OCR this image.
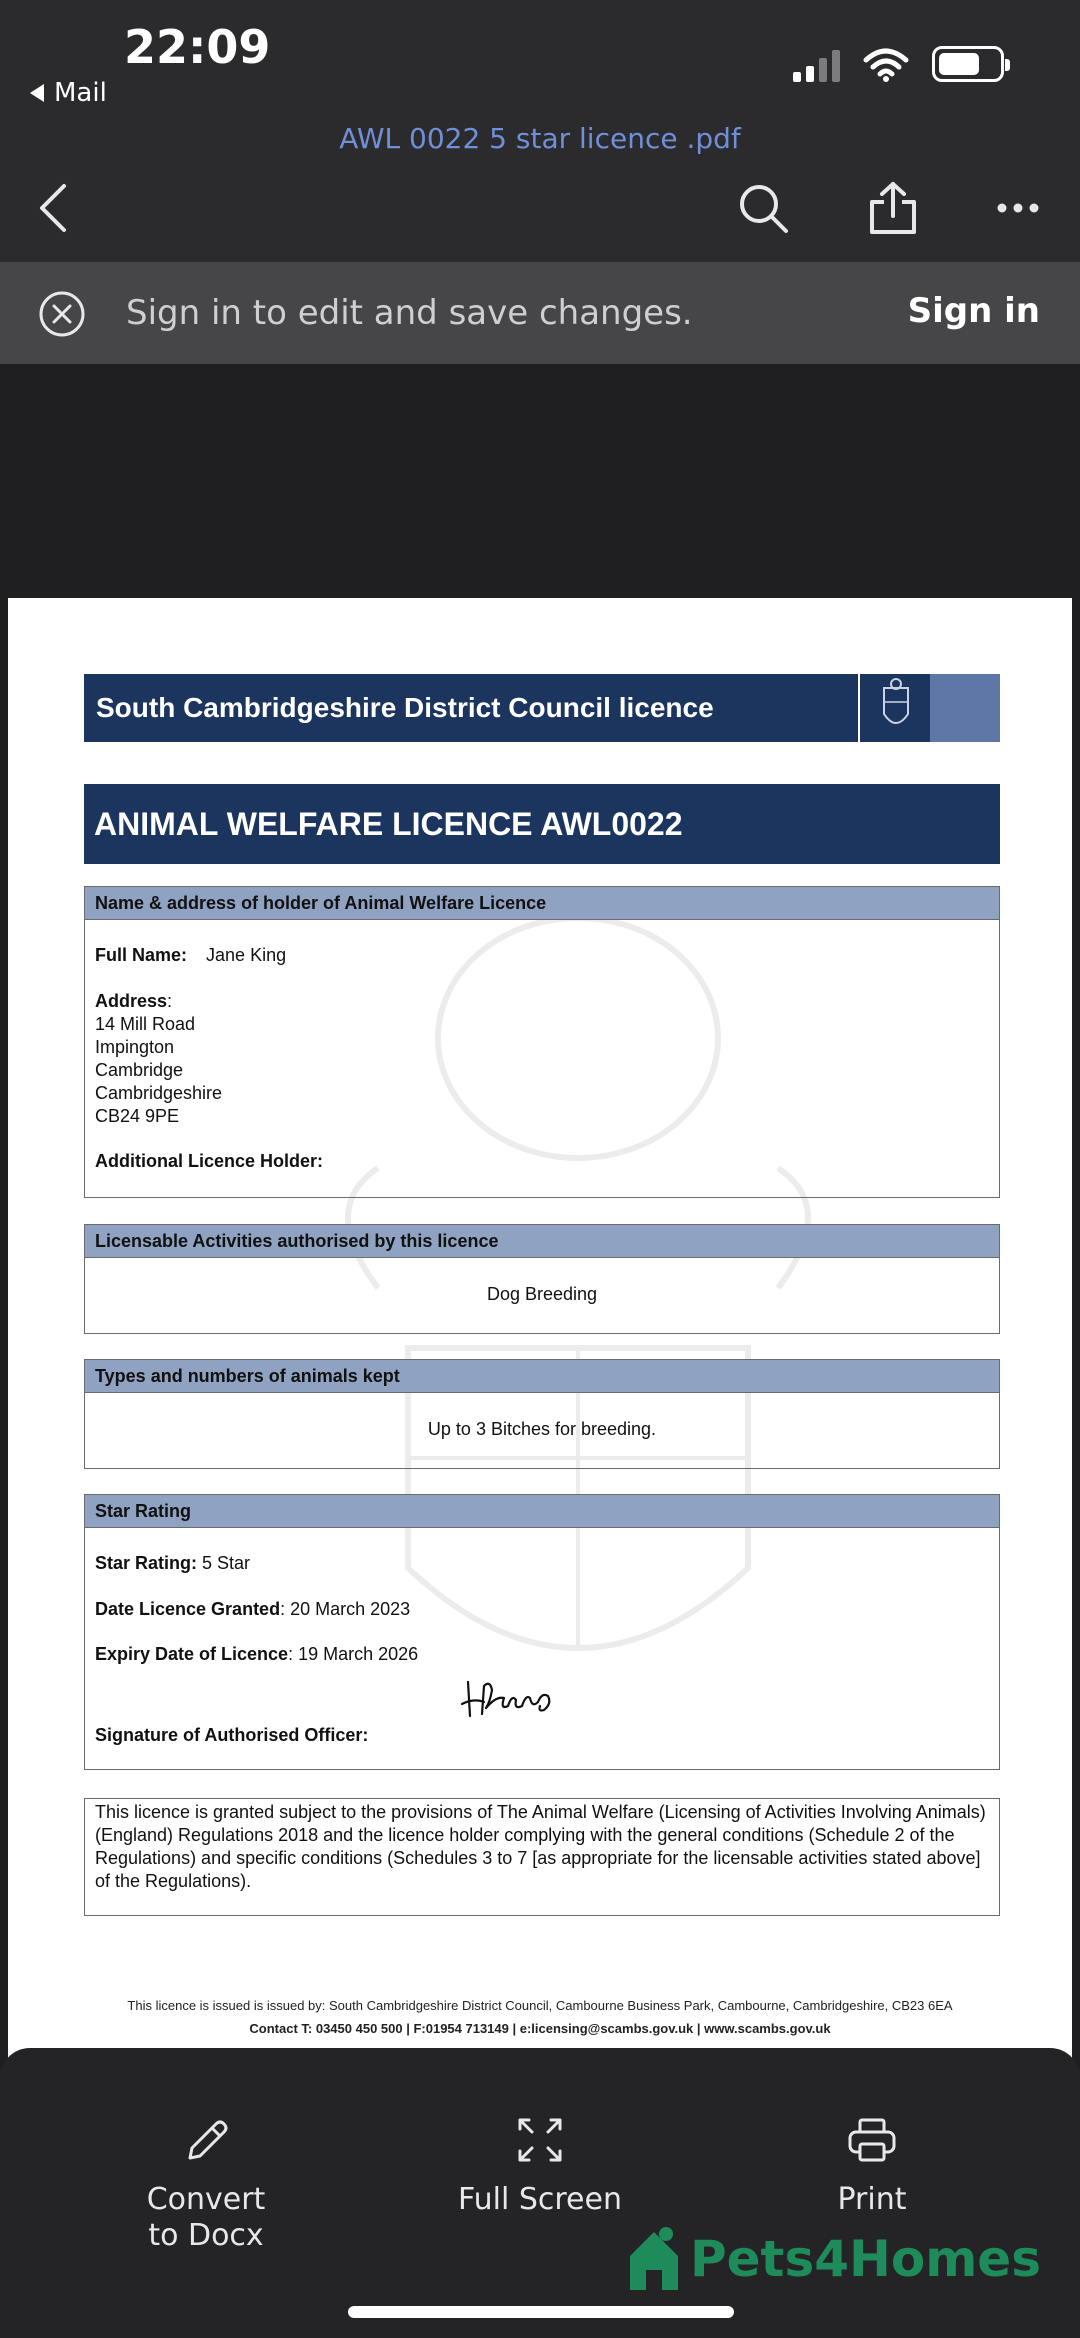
22:09
Mail
AWL 0022 5 star licence .pdf
Sign in to edit and save changes.	Sign in
South Cambridgeshire District Council licence
ANIMAL WELFARE LICENCE AWL0022
Name & address of holder of Animal Welfare Licence
Full Name: Jane King
Address:
14 Mill Road
Impington
Cambridge
Cambridgeshire
CB24 9PE
Additional Licence Holder:
Licensable Activities authorised by this licence
Dog Breeding
Types and numbers of animals kept
Up to 3 Bitches for breeding.
Star Rating
Star Rating: 5 Star
Date Licence Granted: 20 March 2023
Expiry Date of Licence: 19 March 2026
Signature of Authorised Officer:
This licence is granted subject to the provisions of The Animal Welfare (Licensing of Activities Involving Animals) (England) Regulations 2018 and the licence holder complying with the general conditions (Schedule 2 of the Regulations) and specific conditions (Schedules 3 to 7 [as appropriate for the licensable activities stated above] of the Regulations).
This licence is issued is issued by: South Cambridgeshire District Council, Cambourne Business Park, Cambourne, Cambridgeshire, CB23 6EA
Contact T: 03450 450 500 | F:01954 713149 | e:licensing@scambs.gov.uk | www.scambs.gov.uk
Convert
to Docx
Full Screen	Print
Pets4Homes
